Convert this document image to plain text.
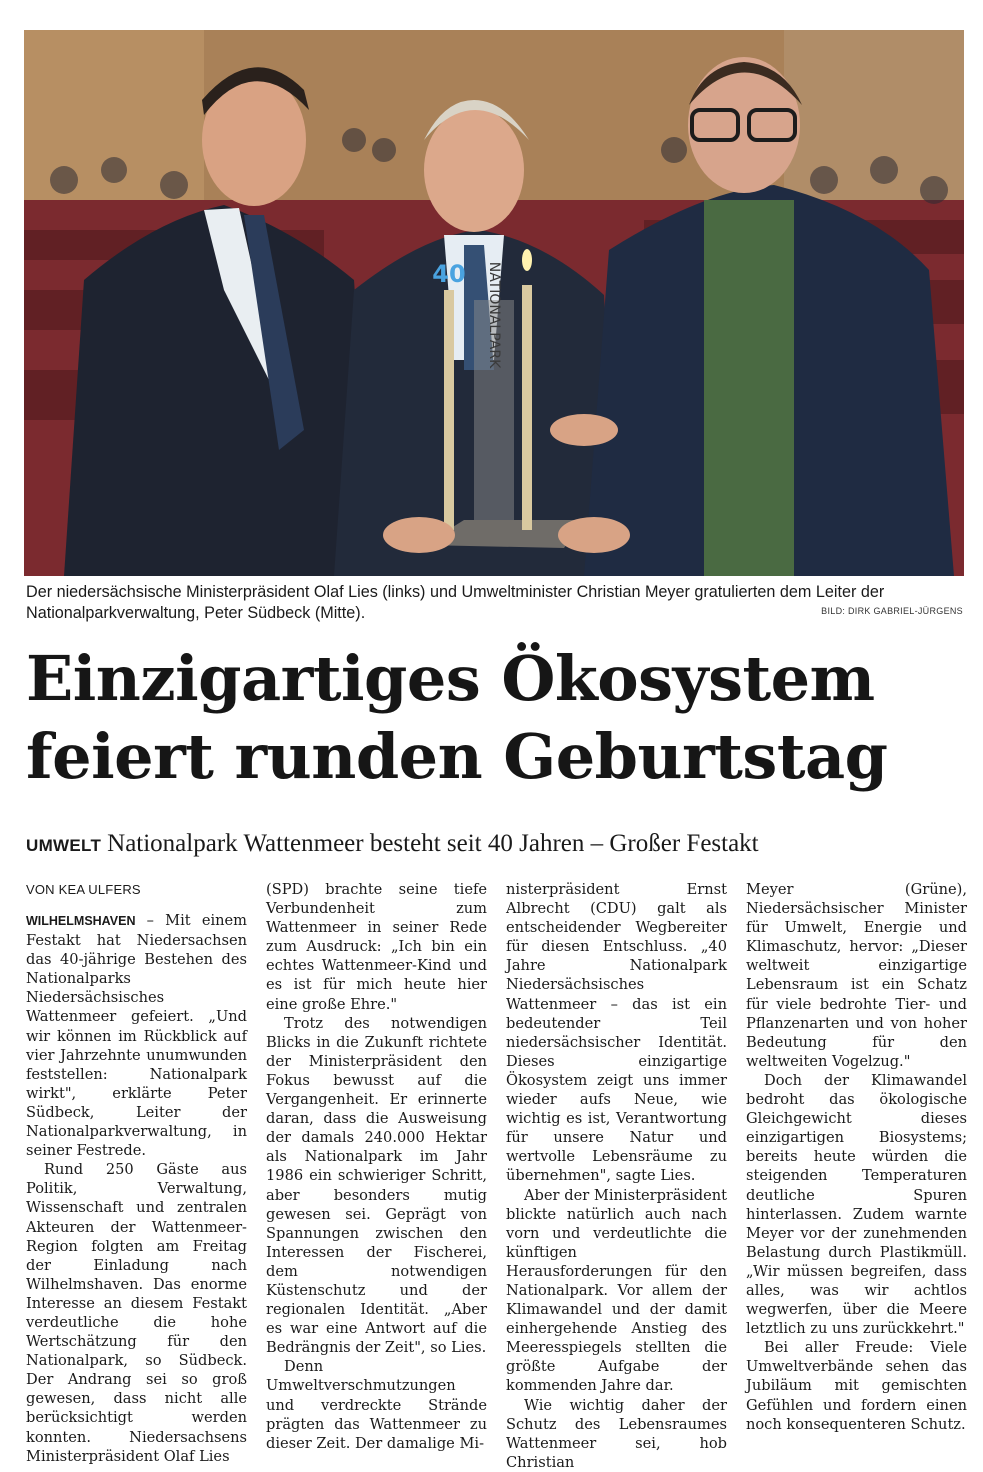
NATIONALPARK
40
Der niedersächsische Ministerpräsident Olaf Lies (links) und Umweltminister Christian Meyer gratulierten dem Leiter der Nationalparkverwaltung, Peter Südbeck (Mitte).	BILD: DIRK GABRIEL-JÜRGENS
Einzigartiges Ökosystem
feiert runden Geburtstag
UMWELT Nationalpark Wattenmeer besteht seit 40 Jahren – Großer Festakt
VON KEA ULFERS

WILHELMSHAVEN – Mit einem Festakt hat Niedersachsen das 40-jährige Bestehen des Nationalparks Niedersächsisches Wattenmeer gefeiert. „Und wir können im Rückblick auf vier Jahrzehnte unumwunden feststellen: Nationalpark wirkt", erklärte Peter Südbeck, Leiter der Nationalparkverwaltung, in seiner Festrede.

Rund 250 Gäste aus Politik, Verwaltung, Wissenschaft und zentralen Akteuren der Wattenmeer-Region folgten am Freitag der Einladung nach Wilhelmshaven. Das enorme Interesse an diesem Festakt verdeutliche die hohe Wertschätzung für den Nationalpark, so Südbeck. Der Andrang sei so groß gewesen, dass nicht alle berücksichtigt werden konnten. Niedersachsens Ministerpräsident Olaf Lies

(SPD) brachte seine tiefe Verbundenheit zum Wattenmeer in seiner Rede zum Ausdruck: „Ich bin ein echtes Wattenmeer-Kind und es ist für mich heute hier eine große Ehre."

Trotz des notwendigen Blicks in die Zukunft richtete der Ministerpräsident den Fokus bewusst auf die Vergangenheit. Er erinnerte daran, dass die Ausweisung der damals 240.000 Hektar als Nationalpark im Jahr 1986 ein schwieriger Schritt, aber besonders mutig gewesen sei. Geprägt von Spannungen zwischen den Interessen der Fischerei, dem notwendigen Küstenschutz und der regionalen Identität. „Aber es war eine Antwort auf die Bedrängnis der Zeit", so Lies.

Denn Umweltverschmutzungen und verdreckte Strände prägten das Wattenmeer zu dieser Zeit. Der damalige Mi-

nisterpräsident Ernst Albrecht (CDU) galt als entscheidender Wegbereiter für diesen Entschluss. „40 Jahre Nationalpark Niedersächsisches Wattenmeer – das ist ein bedeutender Teil niedersächsischer Identität. Dieses einzigartige Ökosystem zeigt uns immer wieder aufs Neue, wie wichtig es ist, Verantwortung für unsere Natur und wertvolle Lebensräume zu übernehmen", sagte Lies.

Aber der Ministerpräsident blickte natürlich auch nach vorn und verdeutlichte die künftigen Herausforderungen für den Nationalpark. Vor allem der Klimawandel und der damit einhergehende Anstieg des Meeresspiegels stellten die größte Aufgabe der kommenden Jahre dar.

Wie wichtig daher der Schutz des Lebensraumes Wattenmeer sei, hob Christian

Meyer (Grüne), Niedersächsischer Minister für Umwelt, Energie und Klimaschutz, hervor: „Dieser weltweit einzigartige Lebensraum ist ein Schatz für viele bedrohte Tier- und Pflanzenarten und von hoher Bedeutung für den weltweiten Vogelzug."

Doch der Klimawandel bedroht das ökologische Gleichgewicht dieses einzigartigen Biosystems; bereits heute würden die steigenden Temperaturen deutliche Spuren hinterlassen. Zudem warnte Meyer vor der zunehmenden Belastung durch Plastikmüll. „Wir müssen begreifen, dass alles, was wir achtlos wegwerfen, über die Meere letztlich zu uns zurückkehrt."

Bei aller Freude: Viele Umweltverbände sehen das Jubiläum mit gemischten Gefühlen und fordern einen noch konsequenteren Schutz.
